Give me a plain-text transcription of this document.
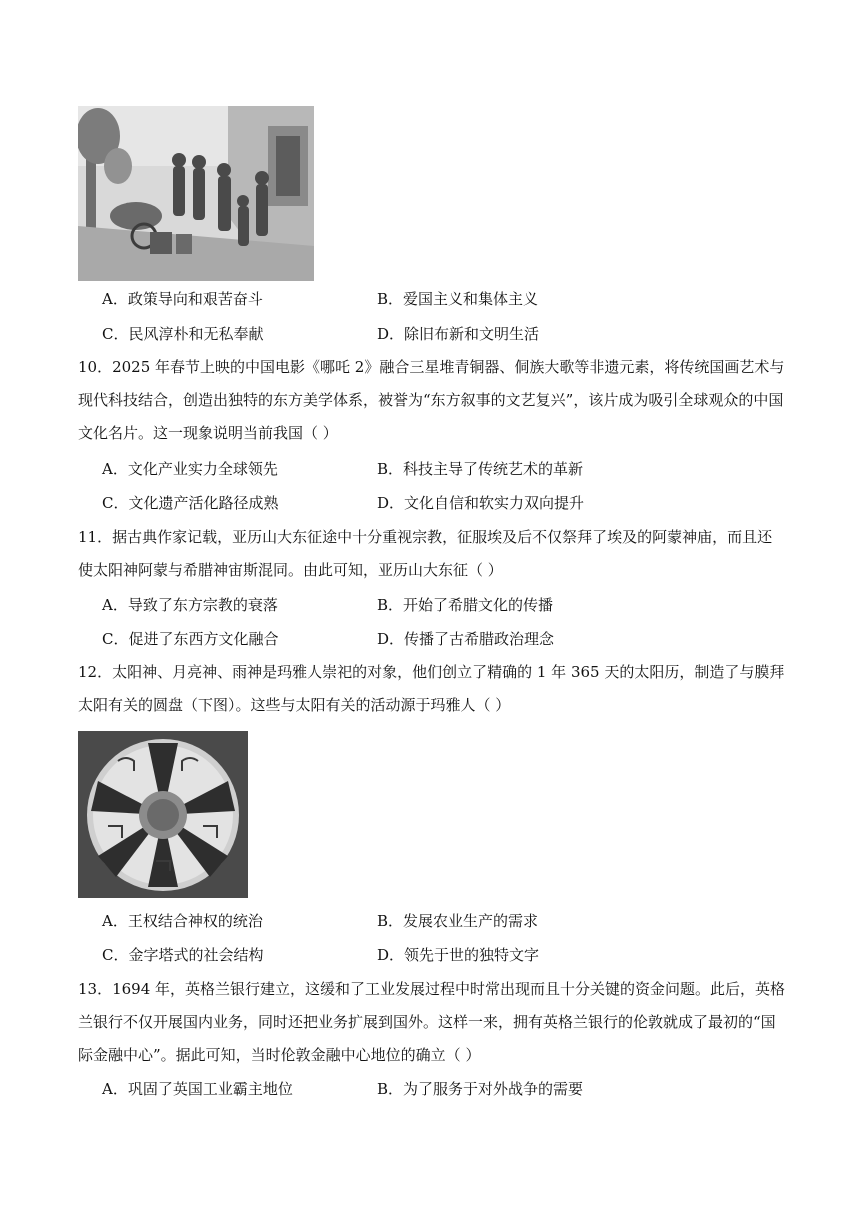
A．政策导向和艰苦奋斗	B．爱国主义和集体主义
C．民风淳朴和无私奉献	D．除旧布新和文明生活
10．2025 年春节上映的中国电影《哪吒 2》融合三星堆青铜器、侗族大歌等非遗元素，将传统国画艺术与
现代科技结合，创造出独特的东方美学体系，被誉为“东方叙事的文艺复兴”，该片成为吸引全球观众的中国
文化名片。这一现象说明当前我国（ ）
A．文化产业实力全球领先	B．科技主导了传统艺术的革新
C．文化遗产活化路径成熟	D．文化自信和软实力双向提升
11．据古典作家记载，亚历山大东征途中十分重视宗教，征服埃及后不仅祭拜了埃及的阿蒙神庙，而且还
使太阳神阿蒙与希腊神宙斯混同。由此可知，亚历山大东征（ ）
A．导致了东方宗教的衰落	B．开始了希腊文化的传播
C．促进了东西方文化融合	D．传播了古希腊政治理念
12．太阳神、月亮神、雨神是玛雅人崇祀的对象，他们创立了精确的 1 年 365 天的太阳历，制造了与膜拜
太阳有关的圆盘（下图）。这些与太阳有关的活动源于玛雅人（ ）
A．王权结合神权的统治	B．发展农业生产的需求
C．金字塔式的社会结构	D．领先于世的独特文字
13．1694 年，英格兰银行建立，这缓和了工业发展过程中时常出现而且十分关键的资金问题。此后，英格
兰银行不仅开展国内业务，同时还把业务扩展到国外。这样一来，拥有英格兰银行的伦敦就成了最初的“国
际金融中心”。据此可知，当时伦敦金融中心地位的确立（ ）
A．巩固了英国工业霸主地位	B．为了服务于对外战争的需要
